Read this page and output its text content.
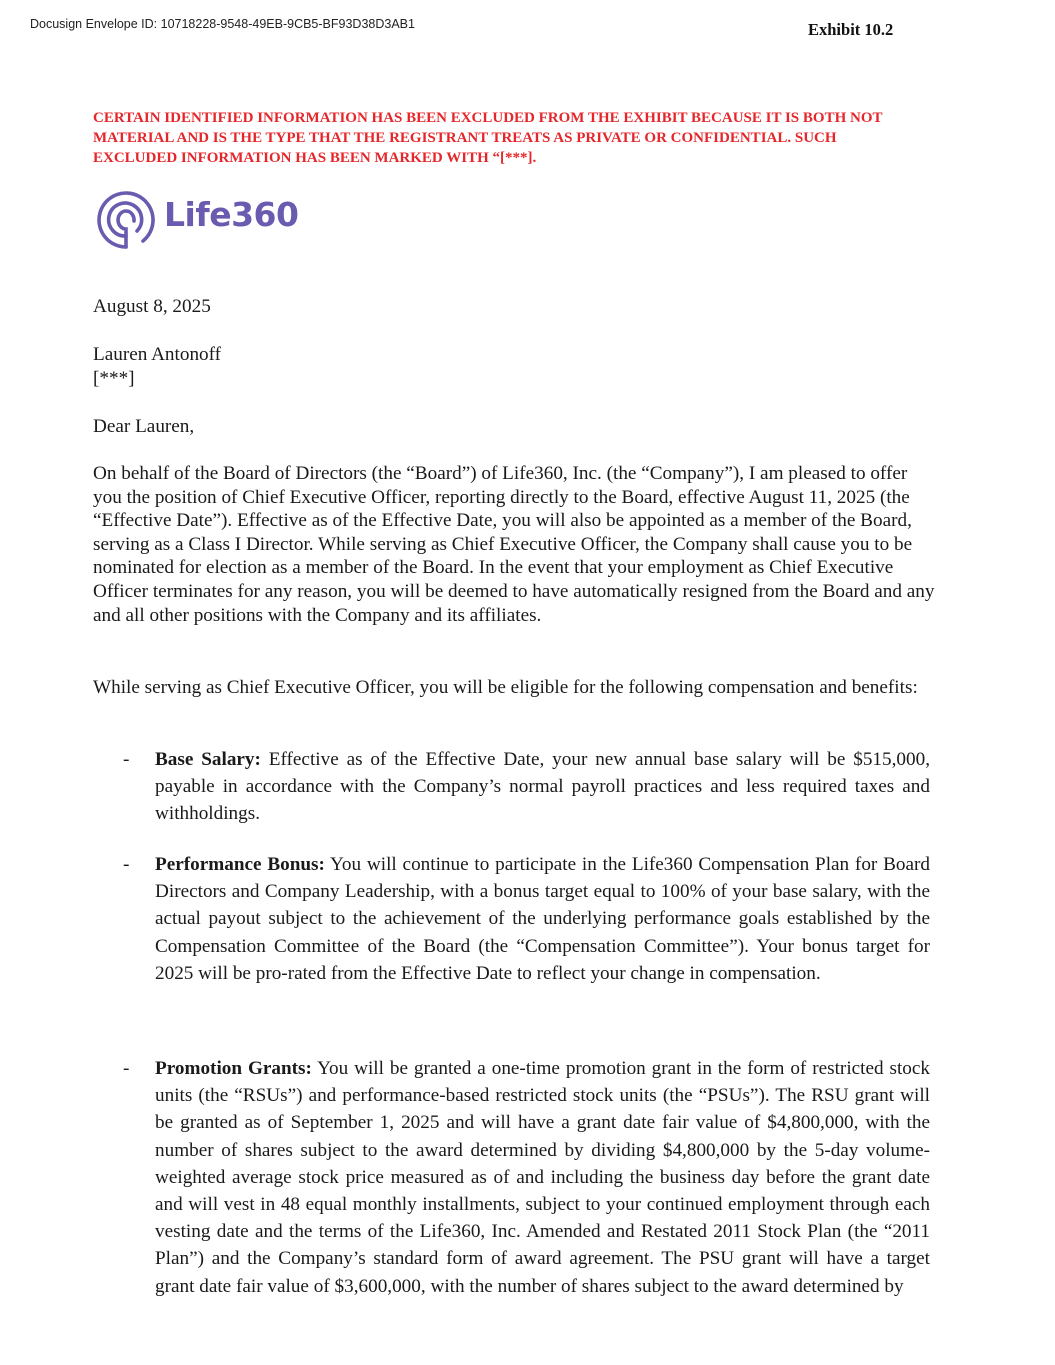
Docusign Envelope ID: 10718228-9548-49EB-9CB5-BF93D38D3AB1	Exhibit 10.2
CERTAIN IDENTIFIED INFORMATION HAS BEEN EXCLUDED FROM THE EXHIBIT BECAUSE IT IS BOTH NOT MATERIAL AND IS THE TYPE THAT THE REGISTRANT TREATS AS PRIVATE OR CONFIDENTIAL. SUCH EXCLUDED INFORMATION HAS BEEN MARKED WITH “[***].
Life360
August 8, 2025
Lauren Antonoff
[***]
Dear Lauren,
On behalf of the Board of Directors (the “Board”) of Life360, Inc. (the “Company”), I am pleased to offer you the position of Chief Executive Officer, reporting directly to the Board, effective August 11, 2025 (the “Effective Date”). Effective as of the Effective Date, you will also be appointed as a member of the Board, serving as a Class I Director. While serving as Chief Executive Officer, the Company shall cause you to be nominated for election as a member of the Board. In the event that your employment as Chief Executive Officer terminates for any reason, you will be deemed to have automatically resigned from the Board and any and all other positions with the Company and its affiliates.
While serving as Chief Executive Officer, you will be eligible for the following compensation and benefits:
- Base Salary: Effective as of the Effective Date, your new annual base salary will be $515,000, payable in accordance with the Company’s normal payroll practices and less required taxes and withholdings.
- Performance Bonus: You will continue to participate in the Life360 Compensation Plan for Board Directors and Company Leadership, with a bonus target equal to 100% of your base salary, with the actual payout subject to the achievement of the underlying performance goals established by the Compensation Committee of the Board (the “Compensation Committee”). Your bonus target for 2025 will be pro-rated from the Effective Date to reflect your change in compensation.
- Promotion Grants: You will be granted a one-time promotion grant in the form of restricted stock units (the “RSUs”) and performance-based restricted stock units (the “PSUs”). The RSU grant will be granted as of September 1, 2025 and will have a grant date fair value of $4,800,000, with the number of shares subject to the award determined by dividing $4,800,000 by the 5-day volume-weighted average stock price measured as of and including the business day before the grant date and will vest in 48 equal monthly installments, subject to your continued employment through each vesting date and the terms of the Life360, Inc. Amended and Restated 2011 Stock Plan (the “2011 Plan”) and the Company’s standard form of award agreement. The PSU grant will have a target grant date fair value of $3,600,000, with the number of shares subject to the award determined by
